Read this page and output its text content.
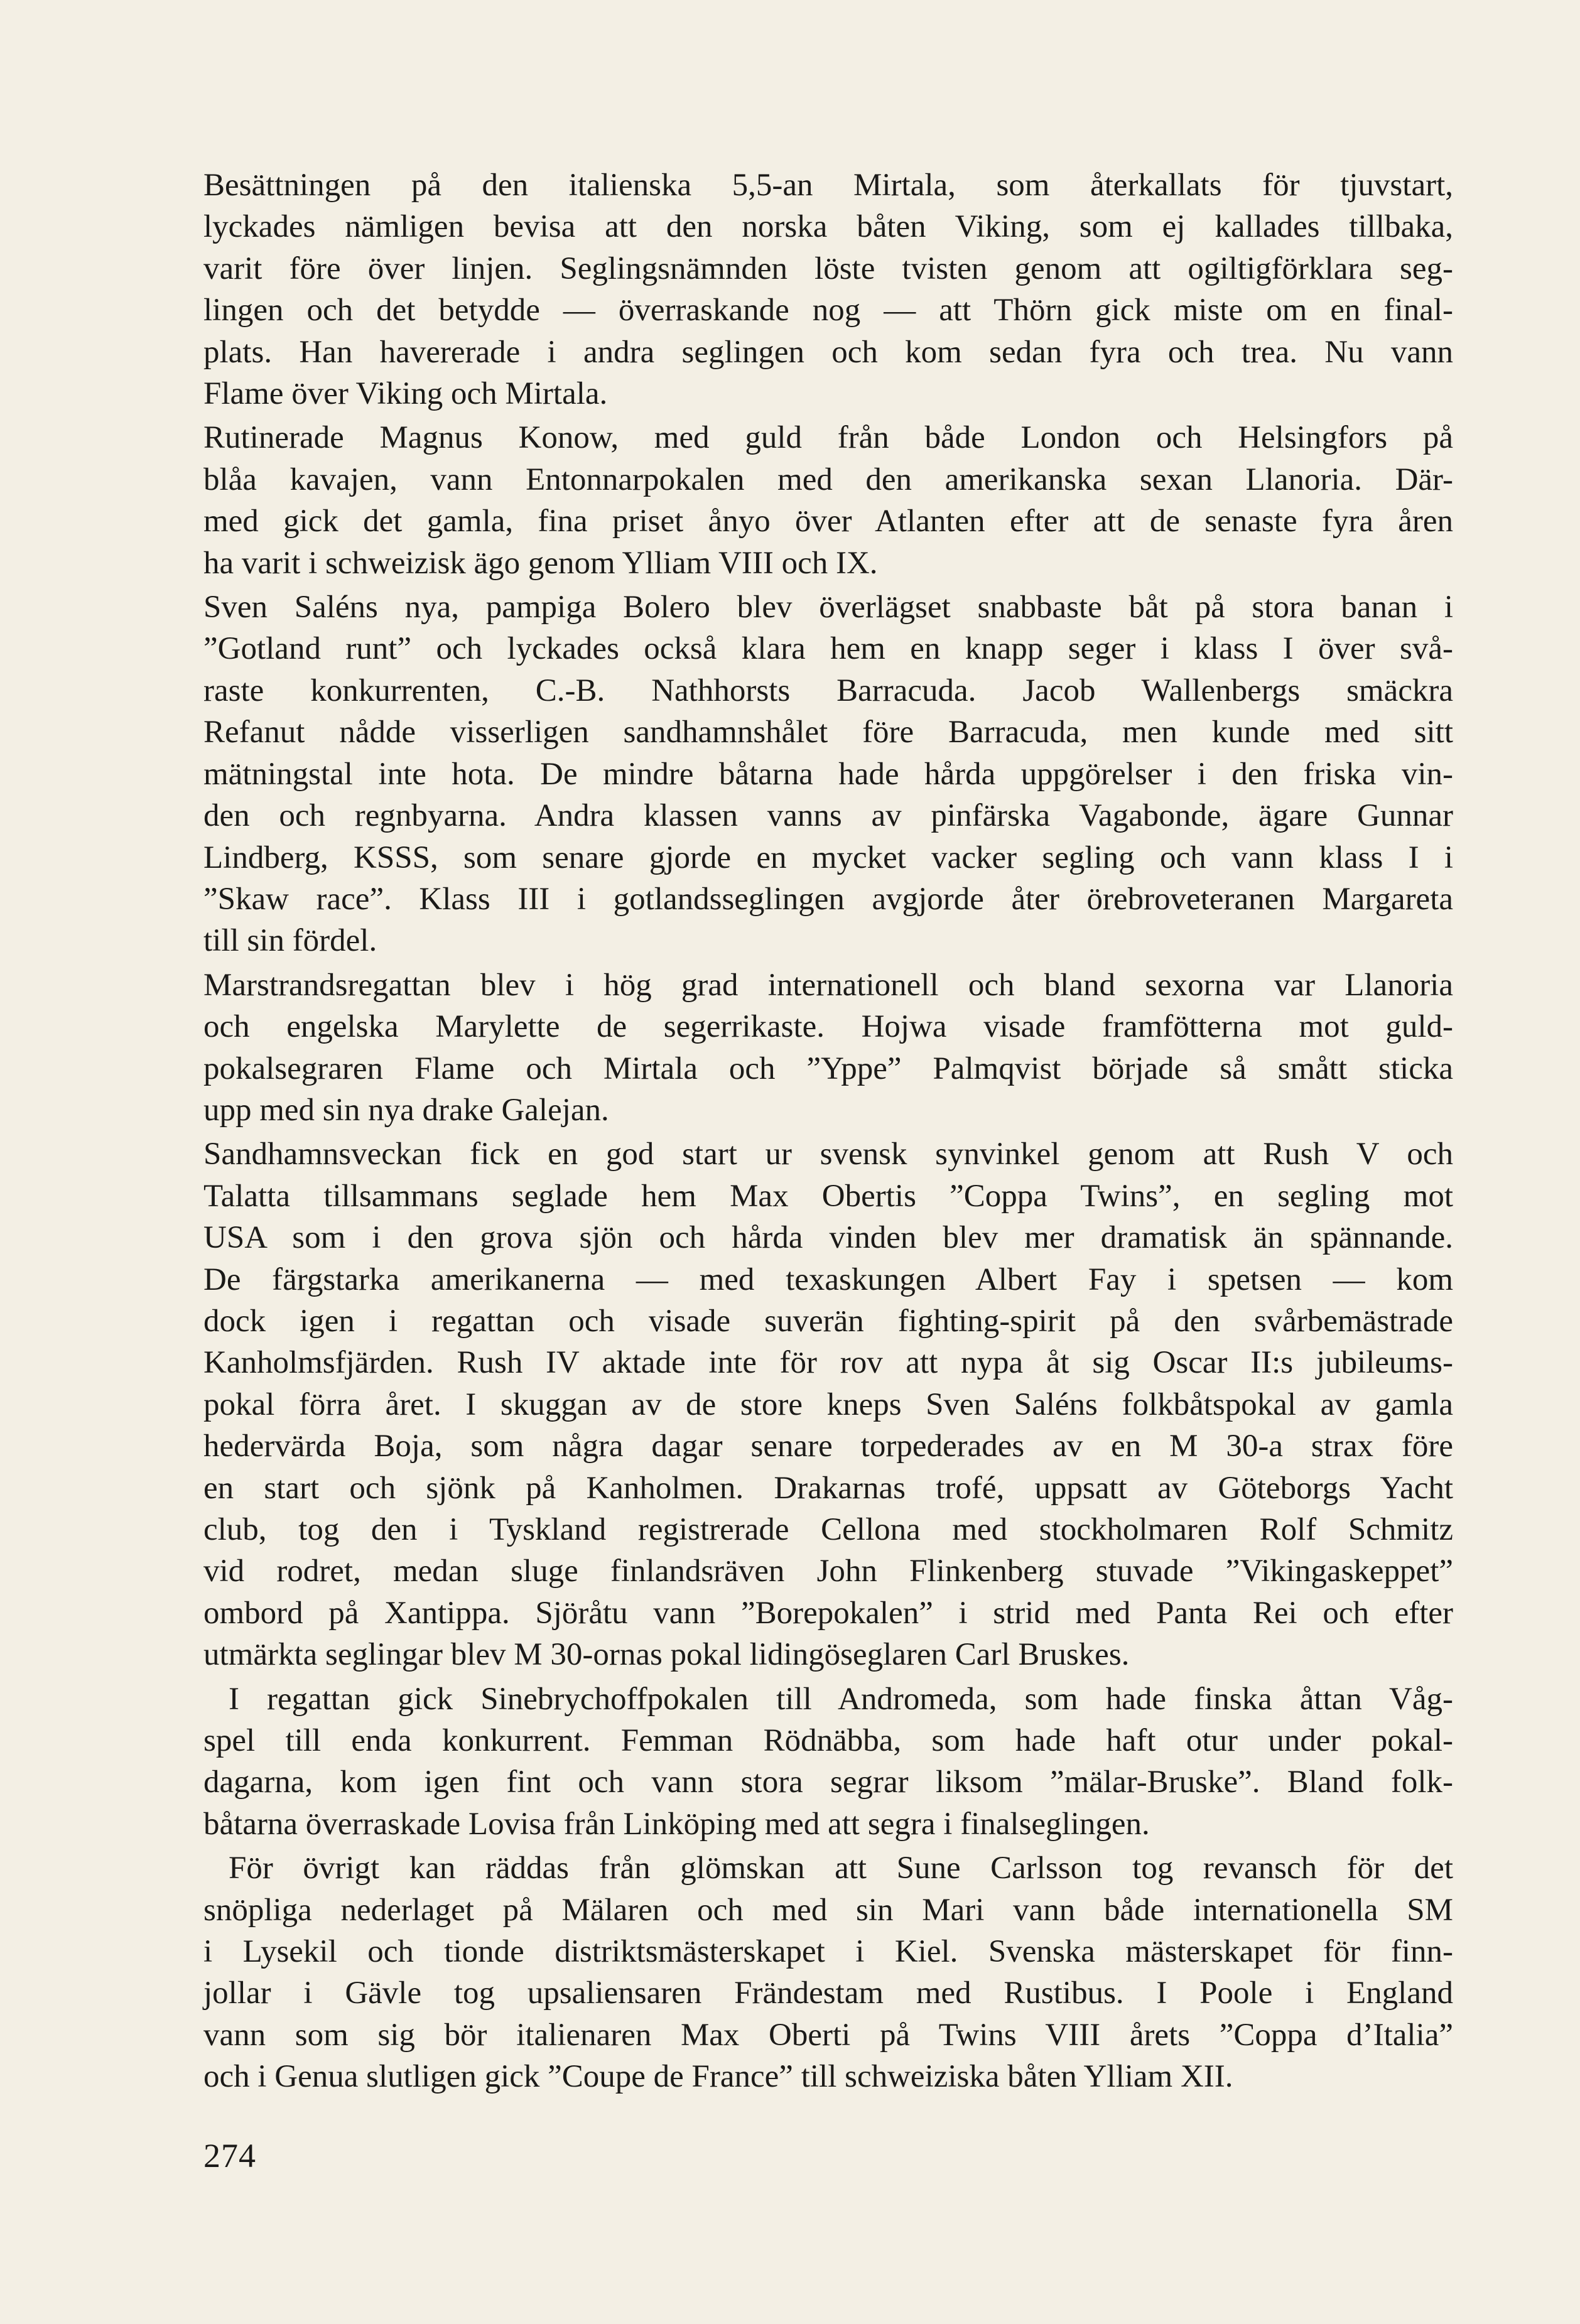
Besättningen på den italienska 5,5-an Mirtala, som återkallats för tjuvstart,
lyckades nämligen bevisa att den norska båten Viking, som ej kallades tillbaka,
varit före över linjen. Seglingsnämnden löste tvisten genom att ogiltigförklara seg-
lingen och det betydde — överraskande nog — att Thörn gick miste om en final-
plats. Han havererade i andra seglingen och kom sedan fyra och trea. Nu vann
Flame över Viking och Mirtala.

Rutinerade Magnus Konow, med guld från både London och Helsingfors på
blåa kavajen, vann Entonnarpokalen med den amerikanska sexan Llanoria. Där-
med gick det gamla, fina priset ånyo över Atlanten efter att de senaste fyra åren
ha varit i schweizisk ägo genom Ylliam VIII och IX.

Sven Saléns nya, pampiga Bolero blev överlägset snabbaste båt på stora banan i
”Gotland runt” och lyckades också klara hem en knapp seger i klass I över svå-
raste konkurrenten, C.-B. Nathhorsts Barracuda. Jacob Wallenbergs smäckra
Refanut nådde visserligen sandhamnshålet före Barracuda, men kunde med sitt
mätningstal inte hota. De mindre båtarna hade hårda uppgörelser i den friska vin-
den och regnbyarna. Andra klassen vanns av pinfärska Vagabonde, ägare Gunnar
Lindberg, KSSS, som senare gjorde en mycket vacker segling och vann klass I i
”Skaw race”. Klass III i gotlandsseglingen avgjorde åter örebroveteranen Margareta
till sin fördel.

Marstrandsregattan blev i hög grad internationell och bland sexorna var Llanoria
och engelska Marylette de segerrikaste. Hojwa visade framfötterna mot guld-
pokalsegraren Flame och Mirtala och ”Yppe” Palmqvist började så smått sticka
upp med sin nya drake Galejan.

Sandhamnsveckan fick en god start ur svensk synvinkel genom att Rush V och
Talatta tillsammans seglade hem Max Obertis ”Coppa Twins”, en segling mot
USA som i den grova sjön och hårda vinden blev mer dramatisk än spännande.
De färgstarka amerikanerna — med texaskungen Albert Fay i spetsen — kom
dock igen i regattan och visade suverän fighting-spirit på den svårbemästrade
Kanholmsfjärden. Rush IV aktade inte för rov att nypa åt sig Oscar II:s jubileums-
pokal förra året. I skuggan av de store kneps Sven Saléns folkbåtspokal av gamla
hedervärda Boja, som några dagar senare torpederades av en M 30-a strax före
en start och sjönk på Kanholmen. Drakarnas trofé, uppsatt av Göteborgs Yacht
club, tog den i Tyskland registrerade Cellona med stockholmaren Rolf Schmitz
vid rodret, medan sluge finlandsräven John Flinkenberg stuvade ”Vikingaskeppet”
ombord på Xantippa. Sjöråtu vann ”Borepokalen” i strid med Panta Rei och efter
utmärkta seglingar blev M 30-ornas pokal lidingöseglaren Carl Bruskes.

I regattan gick Sinebrychoffpokalen till Andromeda, som hade finska åttan Våg-
spel till enda konkurrent. Femman Rödnäbba, som hade haft otur under pokal-
dagarna, kom igen fint och vann stora segrar liksom ”mälar-Bruske”. Bland folk-
båtarna överraskade Lovisa från Linköping med att segra i finalseglingen.

För övrigt kan räddas från glömskan att Sune Carlsson tog revansch för det
snöpliga nederlaget på Mälaren och med sin Mari vann både internationella SM
i Lysekil och tionde distriktsmästerskapet i Kiel. Svenska mästerskapet för finn-
jollar i Gävle tog upsaliensaren Frändestam med Rustibus. I Poole i England
vann som sig bör italienaren Max Oberti på Twins VIII årets ”Coppa d’Italia”
och i Genua slutligen gick ”Coupe de France” till schweiziska båten Ylliam XII.

274
